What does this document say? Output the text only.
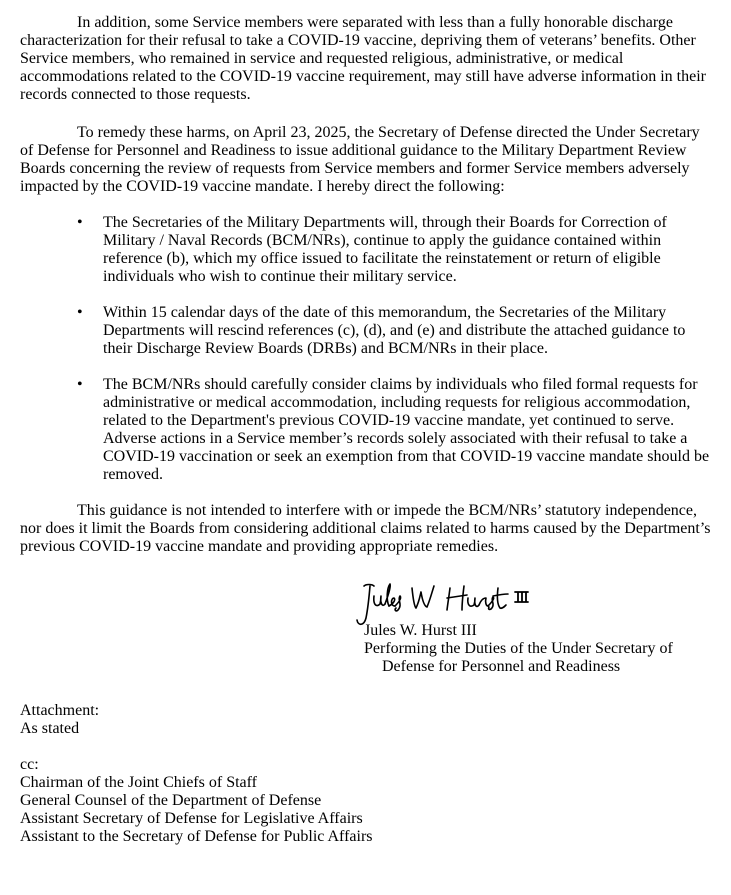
In addition, some Service members were separated with less than a fully honorable discharge characterization for their refusal to take a COVID-19 vaccine, depriving them of veterans’ benefits. Other Service members, who remained in service and requested religious, administrative, or medical accommodations related to the COVID-19 vaccine requirement, may still have adverse information in their records connected to those requests.

To remedy these harms, on April 23, 2025, the Secretary of Defense directed the Under Secretary of Defense for Personnel and Readiness to issue additional guidance to the Military Department Review Boards concerning the review of requests from Service members and former Service members adversely impacted by the COVID-19 vaccine mandate. I hereby direct the following:

• The Secretaries of the Military Departments will, through their Boards for Correction of Military / Naval Records (BCM/NRs), continue to apply the guidance contained within reference (b), which my office issued to facilitate the reinstatement or return of eligible individuals who wish to continue their military service.
• Within 15 calendar days of the date of this memorandum, the Secretaries of the Military Departments will rescind references (c), (d), and (e) and distribute the attached guidance to their Discharge Review Boards (DRBs) and BCM/NRs in their place.
• The BCM/NRs should carefully consider claims by individuals who filed formal requests for administrative or medical accommodation, including requests for religious accommodation, related to the Department's previous COVID-19 vaccine mandate, yet continued to serve. Adverse actions in a Service member’s records solely associated with their refusal to take a COVID-19 vaccination or seek an exemption from that COVID-19 vaccine mandate should be removed.

This guidance is not intended to interfere with or impede the BCM/NRs’ statutory independence, nor does it limit the Boards from considering additional claims related to harms caused by the Department’s previous COVID-19 vaccine mandate and providing appropriate remedies.

Jules W. Hurst III
Performing the Duties of the Under Secretary of
Defense for Personnel and Readiness
Attachment:
As stated
cc:
Chairman of the Joint Chiefs of Staff
General Counsel of the Department of Defense
Assistant Secretary of Defense for Legislative Affairs
Assistant to the Secretary of Defense for Public Affairs
